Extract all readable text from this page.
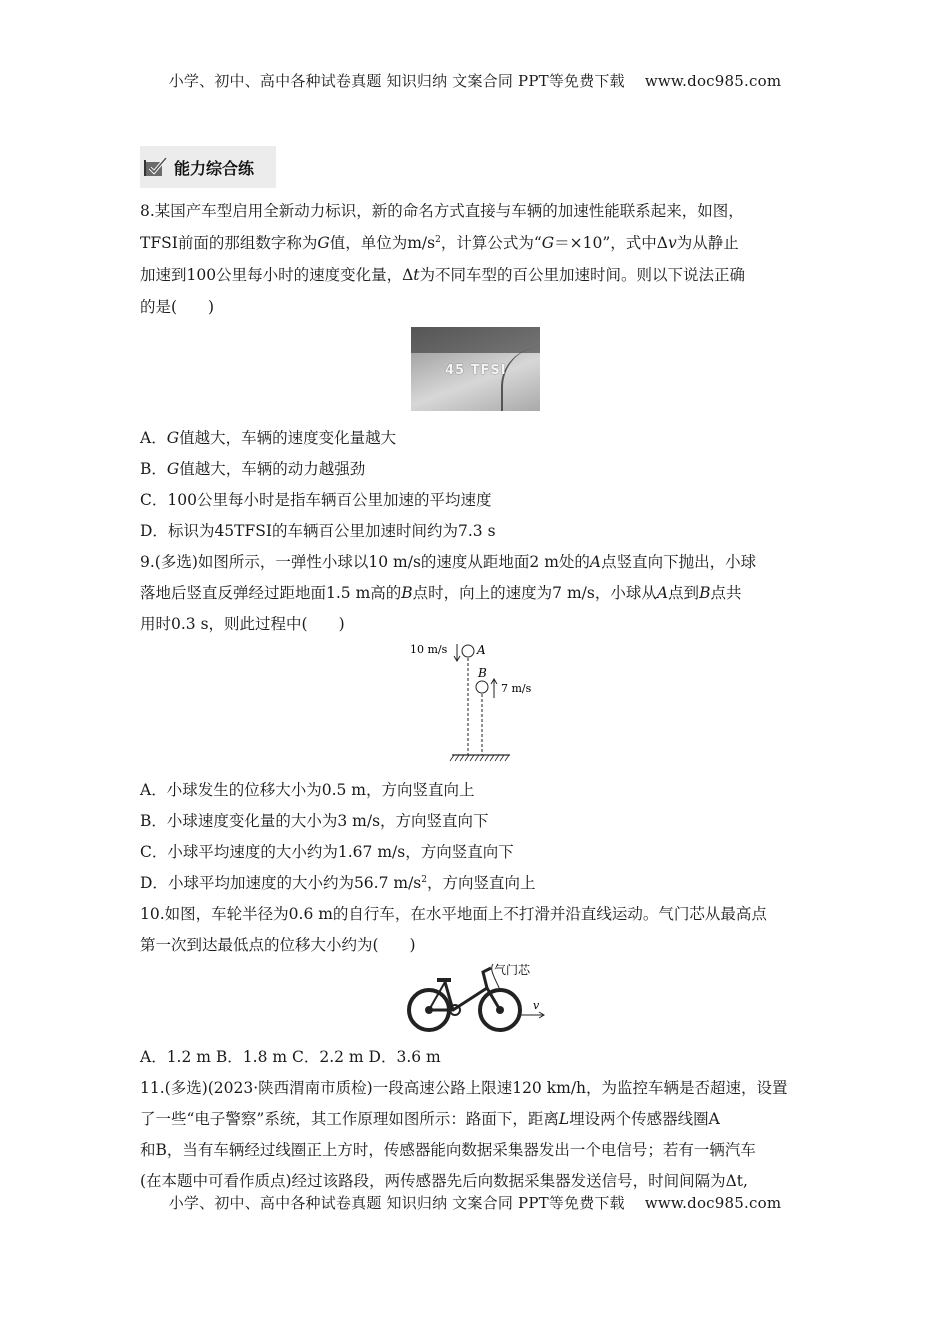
小学、初中、高中各种试卷真题 知识归纳 文案合同 PPT等免费下载 www.doc985.com
能力综合练
8.某国产车型启用全新动力标识，新的命名方式直接与车辆的加速性能联系起来，如图，
TFSI前面的那组数字称为G值，单位为$m/s^2$，计算公式为“G＝×10”，式中Δv为从静止
加速到100公里每小时的速度变化量，Δt为不同车型的百公里加速时间。则以下说法正确
的是(　　)
45 TFSI
A．G值越大，车辆的速度变化量越大
B．G值越大，车辆的动力越强劲
C．100公里每小时是指车辆百公里加速的平均速度
D．标识为45TFSI的车辆百公里加速时间约为7.3 s
9.(多选)如图所示，一弹性小球以10 m/s的速度从距地面2 m处的A点竖直向下抛出，小球
落地后竖直反弹经过距地面1.5 m高的B点时，向上的速度为7 m/s，小球从A点到B点共
用时0.3 s，则此过程中(　　)
10 m/s A
B
7 m/s
A．小球发生的位移大小为0.5 m，方向竖直向上
B．小球速度变化量的大小为3 m/s，方向竖直向下
C．小球平均速度的大小约为1.67 m/s，方向竖直向下
D．小球平均加速度的大小约为56.7 $m/s^2$，方向竖直向上
10.如图，车轮半径为0.6 m的自行车，在水平地面上不打滑并沿直线运动。气门芯从最高点
第一次到达最低点的位移大小约为(　　)
气门芯
v
A．1.2 m B．1.8 m C．2.2 m D．3.6 m
11.(多选)(2023·陕西渭南市质检)一段高速公路上限速120 km/h，为监控车辆是否超速，设置
了一些“电子警察”系统，其工作原理如图所示：路面下，距离L埋设两个传感器线圈A
和B，当有车辆经过线圈正上方时，传感器能向数据采集器发出一个电信号；若有一辆汽车
(在本题中可看作质点)经过该路段，两传感器先后向数据采集器发送信号，时间间隔为Δt,
小学、初中、高中各种试卷真题 知识归纳 文案合同 PPT等免费下载 www.doc985.com
